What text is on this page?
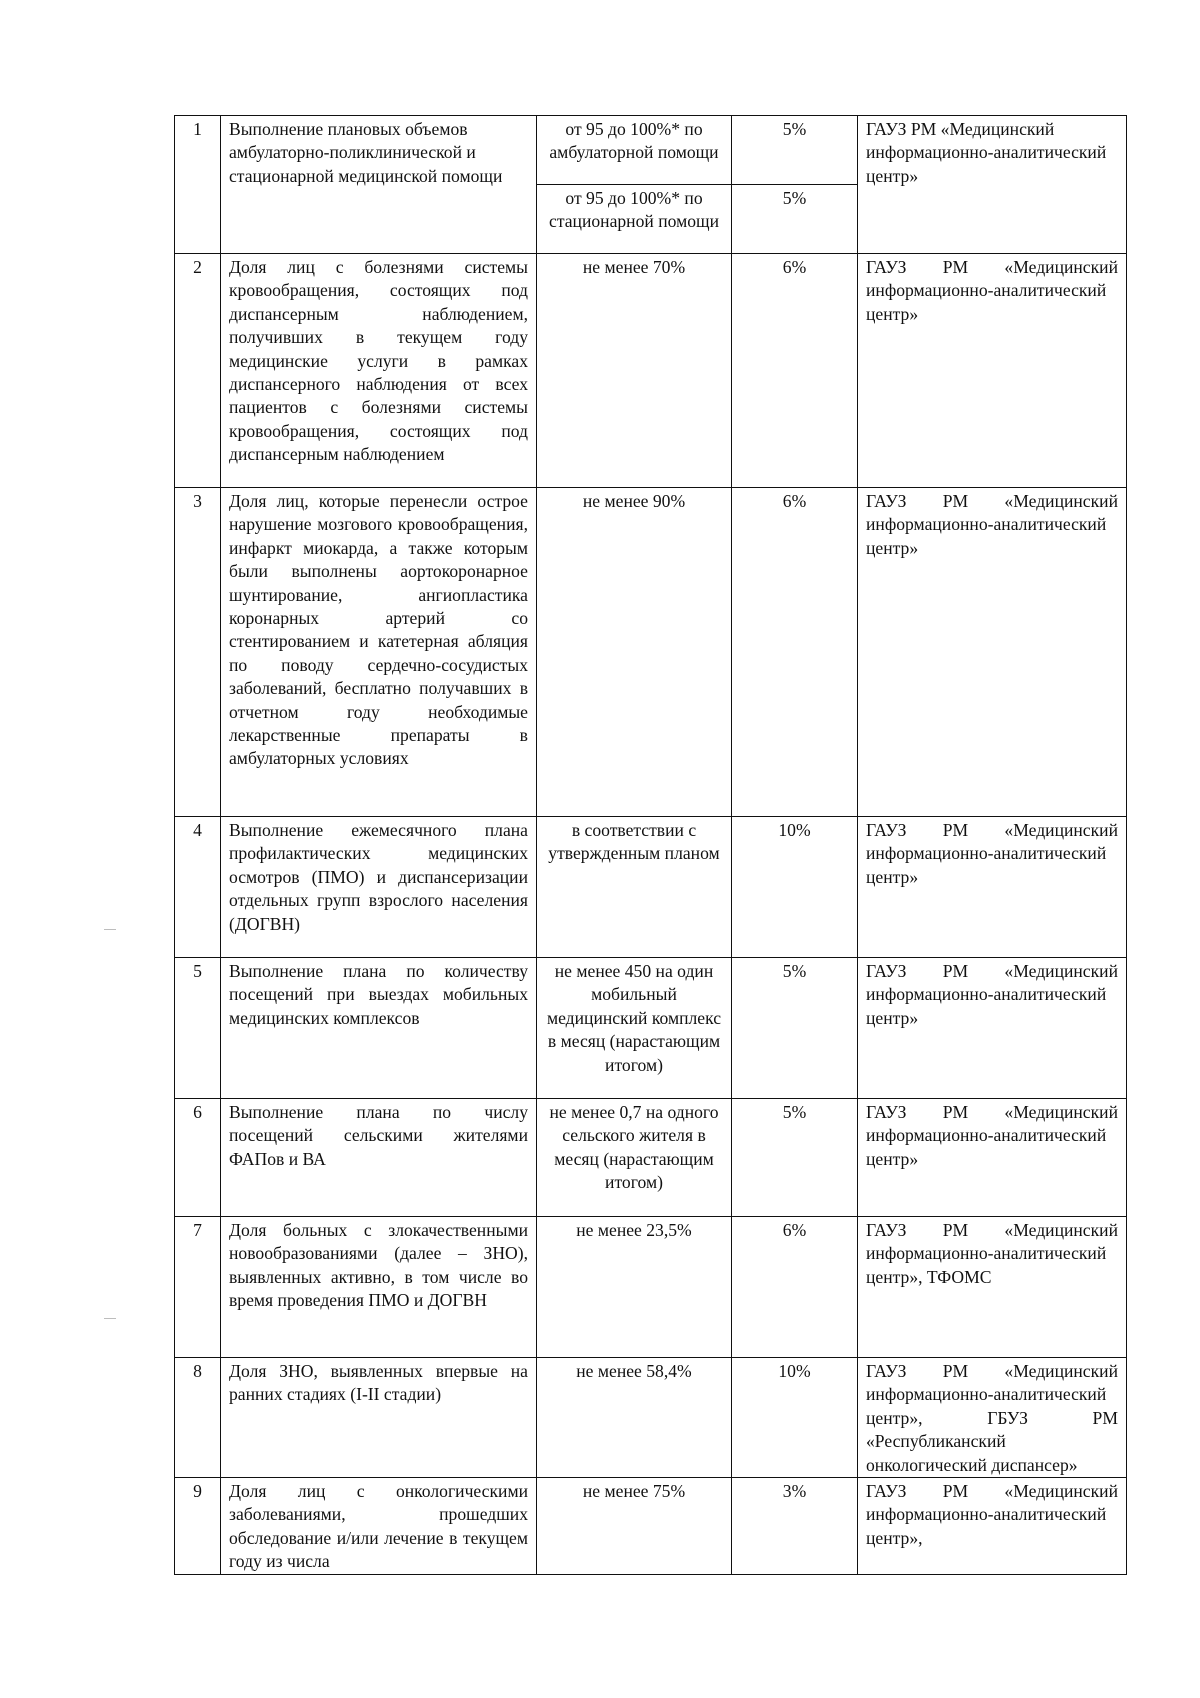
1	Выполнение плановых объемов амбулаторно-поликлинической и стационарной медицинской помощи	от 95 до 100%* по амбулаторной помощи	5%	ГАУЗ РМ «Медицинский информационно-аналитический центр»
		от 95 до 100%* по стационарной помощи	5%	
2	Доля лиц с болезнями системы кровообращения, состоящих под диспансерным наблюдением, получивших в текущем году медицинские услуги в рамках диспансерного наблюдения от всех пациентов с болезнями системы кровообращения, состоящих под диспансерным наблюдением	не менее 70%	6%	ГАУЗ РМ «Медицинский информационно-аналитический центр»
3	Доля лиц, которые перенесли острое нарушение мозгового кровообращения, инфаркт миокарда, а также которым были выполнены аортокоронарное шунтирование, ангиопластика коронарных артерий со стентированием и катетерная абляция по поводу сердечно-сосудистых заболеваний, бесплатно получавших в отчетном году необходимые лекарственные препараты в амбулаторных условиях	не менее 90%	6%	ГАУЗ РМ «Медицинский информационно-аналитический центр»
4	Выполнение ежемесячного плана профилактических медицинских осмотров (ПМО) и диспансеризации отдельных групп взрослого населения (ДОГВН)	в соответствии с утвержденным планом	10%	ГАУЗ РМ «Медицинский информационно-аналитический центр»
5	Выполнение плана по количеству посещений при выездах мобильных медицинских комплексов	не менее 450 на один мобильный медицинский комплекс в месяц (нарастающим итогом)	5%	ГАУЗ РМ «Медицинский информационно-аналитический центр»
6	Выполнение плана по числу посещений сельскими жителями ФАПов и ВА	не менее 0,7 на одного сельского жителя в месяц (нарастающим итогом)	5%	ГАУЗ РМ «Медицинский информационно-аналитический центр»
7	Доля больных с злокачественными новообразованиями (далее – ЗНО), выявленных активно, в том числе во время проведения ПМО и ДОГВН	не менее 23,5%	6%	ГАУЗ РМ «Медицинский информационно-аналитический центр», ТФОМС
8	Доля ЗНО, выявленных впервые на ранних стадиях (I-II стадии)	не менее 58,4%	10%	ГАУЗ РМ «Медицинский информационно-аналитический центр», ГБУЗ РМ «Республиканский онкологический диспансер»
9	Доля лиц с онкологическими заболеваниями, прошедших обследование и/или лечение в текущем году из числа	не менее 75%	3%	ГАУЗ РМ «Медицинский информационно-аналитический центр»,
